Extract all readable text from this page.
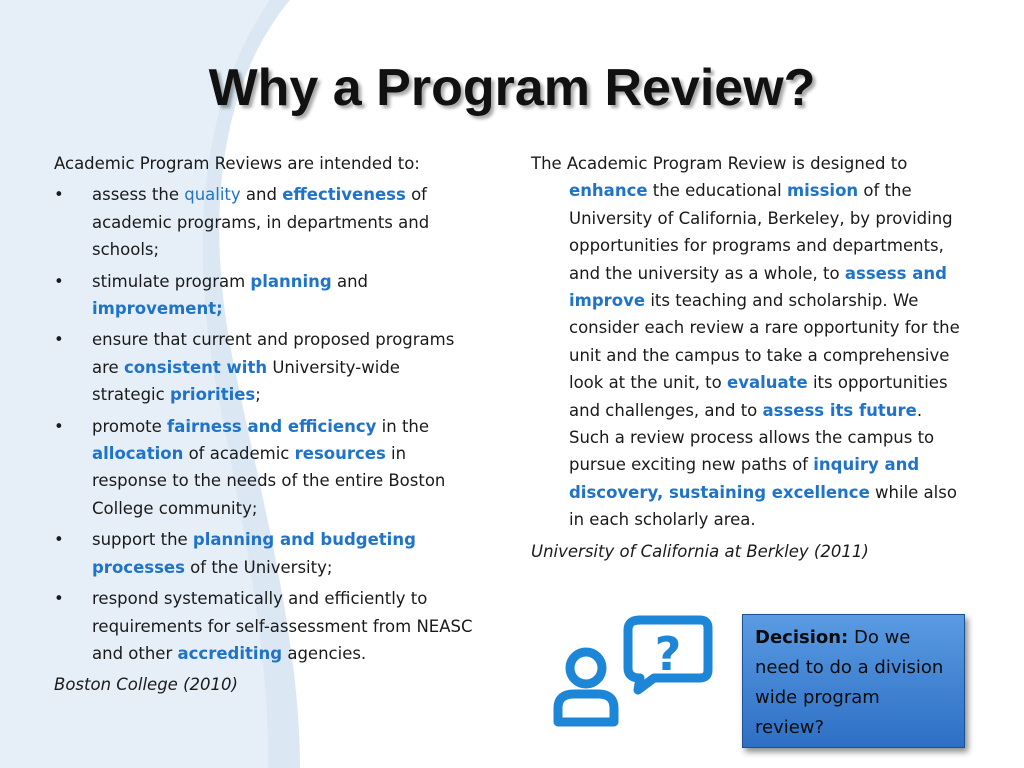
Why a Program Review?

Academic Program Reviews are intended to:

•	assess the quality and effectiveness of academic programs, in departments and schools;
•	stimulate program planning and improvement;
•	ensure that current and proposed programs are consistent with University-wide strategic priorities;
•	promote fairness and efficiency in the allocation of academic resources in response to the needs of the entire Boston College community;
•	support the planning and budgeting processes of the University;
•	respond systematically and efficiently to requirements for self-assessment from NEASC and other accrediting agencies.

Boston College (2010)

The Academic Program Review is designed to enhance the educational mission of the University of California, Berkeley, by providing opportunities for programs and departments, and the university as a whole, to assess and improve its teaching and scholarship. We consider each review a rare opportunity for the unit and the campus to take a comprehensive look at the unit, to evaluate its opportunities and challenges, and to assess its future. Such a review process allows the campus to pursue exciting new paths of inquiry and discovery, sustaining excellence while also in each scholarly area.

University of California at Berkley (2011)

?	Decision: Do we need to do a division wide program review?
